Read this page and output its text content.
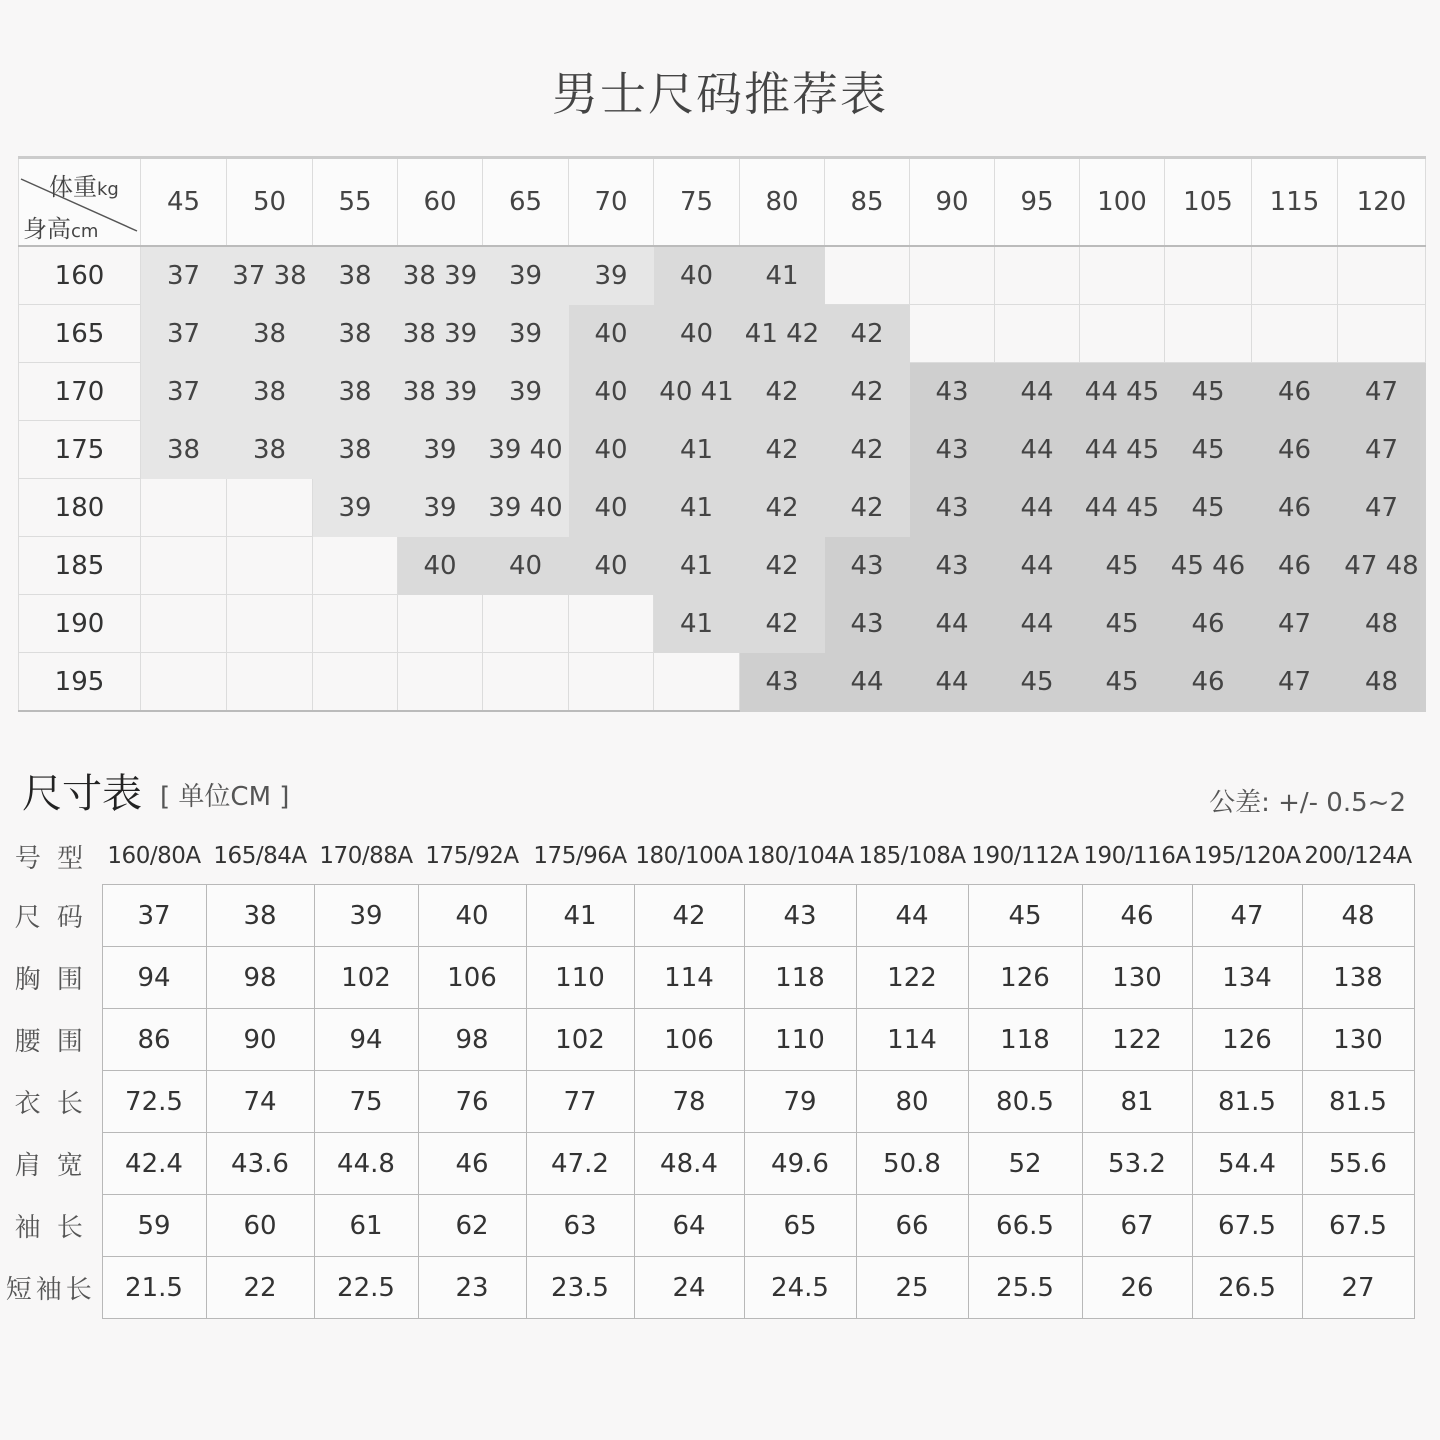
男士尺码推荐表
体重kg
身高cm	45	50	55	60	65	70	75	80	85	90	95	100	105	115	120
160	37	37 38	38	38 39	39	39	40	41							
165	37	38	38	38 39	39	40	40	41 42	42						
170	37	38	38	38 39	39	40	40 41	42	42	43	44	44 45	45	46	47
175	38	38	38	39	39 40	40	41	42	42	43	44	44 45	45	46	47
180			39	39	39 40	40	41	42	42	43	44	44 45	45	46	47
185				40	40	40	41	42	43	43	44	45	45 46	46	47 48
190							41	42	43	44	44	45	46	47	48
195								43	44	44	45	45	46	47	48
尺寸表 [ 单位CM ]	公差: +/- 0.5~2
号 型	160/80A	165/84A	170/88A	175/92A	175/96A	180/100A	180/104A	185/108A	190/112A	190/116A	195/120A	200/124A
尺 码	37	38	39	40	41	42	43	44	45	46	47	48
胸 围	94	98	102	106	110	114	118	122	126	130	134	138
腰 围	86	90	94	98	102	106	110	114	118	122	126	130
衣 长	72.5	74	75	76	77	78	79	80	80.5	81	81.5	81.5
肩 宽	42.4	43.6	44.8	46	47.2	48.4	49.6	50.8	52	53.2	54.4	55.6
袖 长	59	60	61	62	63	64	65	66	66.5	67	67.5	67.5
短袖长	21.5	22	22.5	23	23.5	24	24.5	25	25.5	26	26.5	27
